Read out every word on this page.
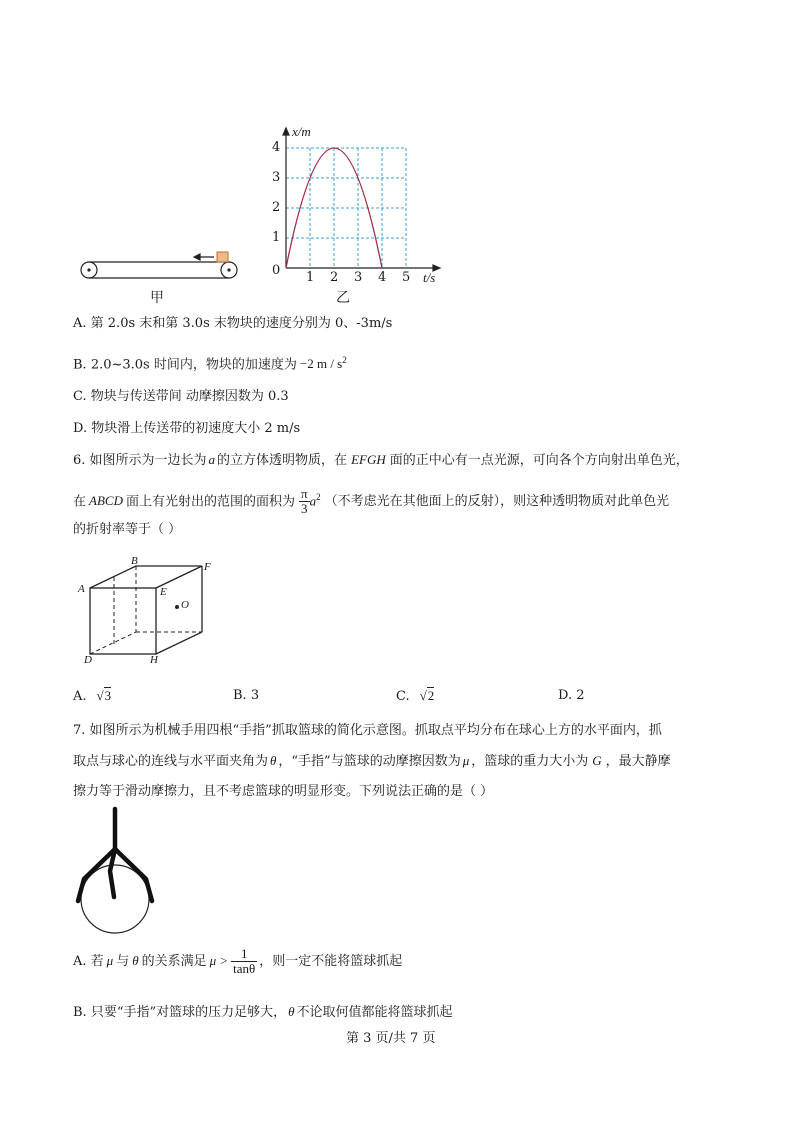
甲
x/m
4
3
2
1
0 1 2 3 4 5 t/s
乙
A. 第 2.0s 末和第 3.0s 末物块的速度分别为 0、-3m/s
B. 2.0~3.0s 时间内，物块的加速度为 −2 m / $s^2$
C. 物块与传送带间 动摩擦因数为 0.3
D. 物块滑上传送带的初速度大小 2 m/s
6. 如图所示为一边长为 a 的立方体透明物质，在 EFGH 面的正中心有一点光源，可向各个方向射出单色光，
在 ABCD 面上有光射出的范围的面积为 $\frac{\pi}{3} a^2$ （不考虑光在其他面上的反射），则这种透明物质对此单色光
的折射率等于（ ）
A
B	F
E
O
D	H
A. √3	B. 3	C. √2	D. 2
7. 如图所示为机械手用四根“手指”抓取篮球的简化示意图。抓取点平均分布在球心上方的水平面内，抓
取点与球心的连线与水平面夹角为 θ ，“手指”与篮球的动摩擦因数为 μ ，篮球的重力大小为 G ，最大静摩
擦力等于滑动摩擦力，且不考虑篮球的明显形变。下列说法正确的是（ ）
A. 若 μ 与 θ 的关系满足 $\mu > \frac{1}{\tan\theta}$ ，则一定不能将篮球抓起
B. 只要“手指”对篮球的压力足够大， θ 不论取何值都能将篮球抓起
第 3 页/共 7 页
